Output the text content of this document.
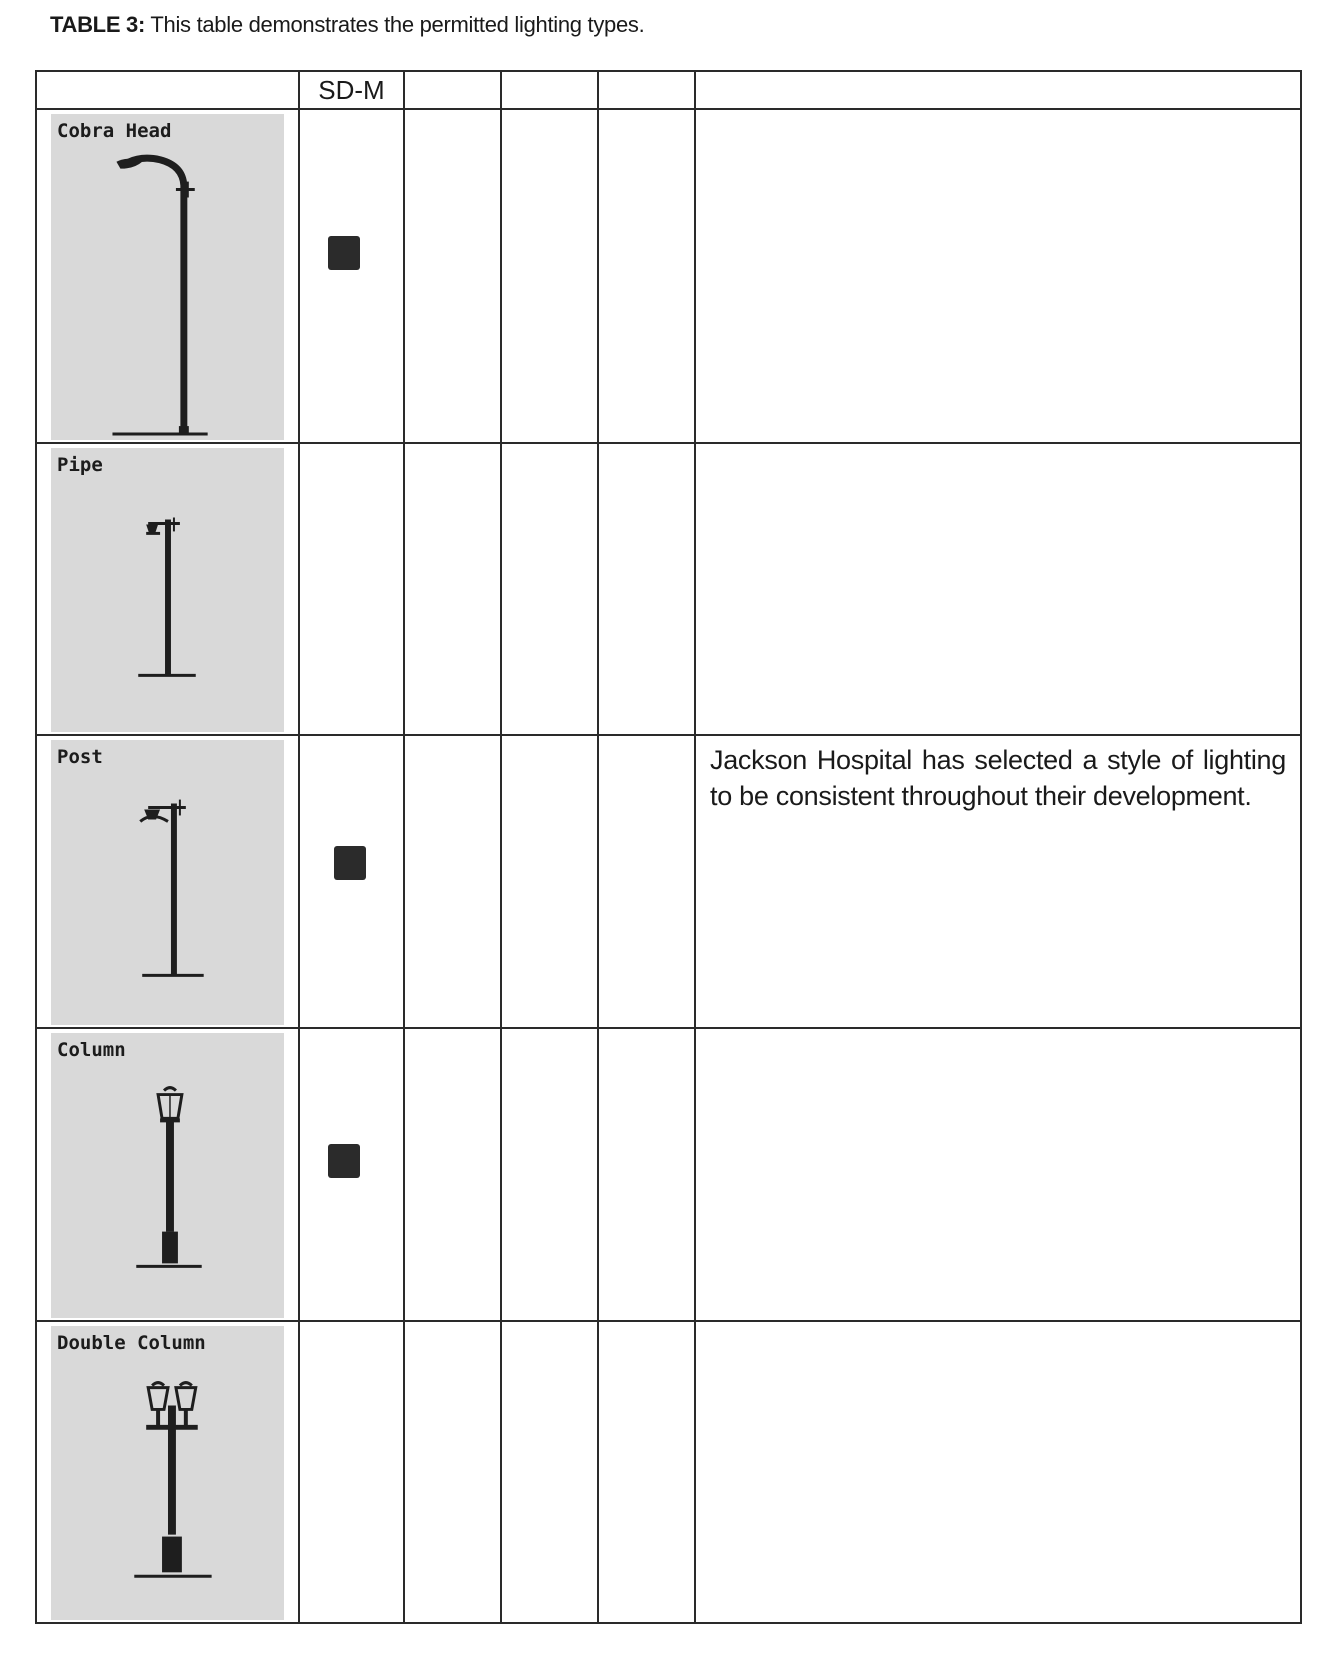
TABLE 3: This table demonstrates the permitted lighting types.
	SD-M				

Cobra Head					

Pipe					

Post					Jackson Hospital has selected a style of lighting to be consistent throughout their development.

Column					

Double Column					
